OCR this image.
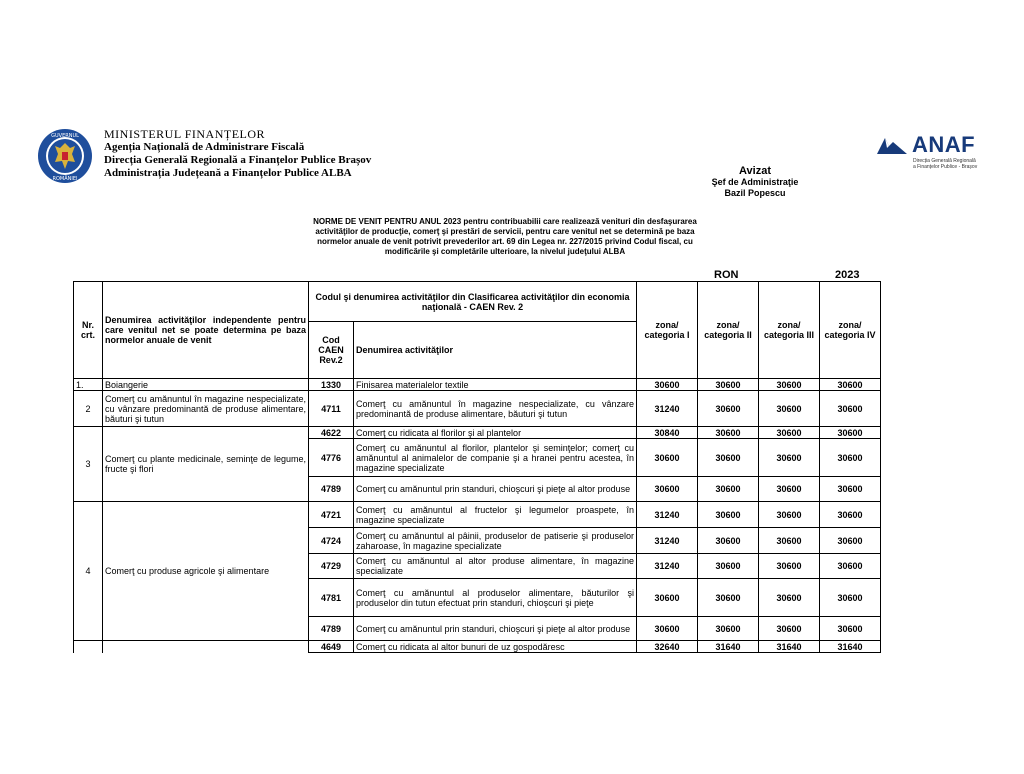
GUVERNUL
ROMÂNIEI
MINISTERUL FINANȚELOR
Agenția Națională de Administrare Fiscală
Direcția Generală Regională a Finanțelor Publice Brașov
Administrația Județeană a Finanțelor Publice ALBA
ANAF
Direcția Generală Regională
a Finanțelor Publice - Brașov
Avizat
Şef de Administraţie
Bazil Popescu
NORME DE VENIT PENTRU ANUL 2023 pentru contribuabilii care realizează venituri din desfaşurarea activităţilor de producţie, comerţ şi prestări de servicii, pentru care venitul net se determină pe baza normelor anuale de venit potrivit prevederilor art. 69 din Legea nr. 227/2015 privind Codul fiscal, cu modificările şi completările ulterioare, la nivelul judeţului ALBA
RON	2023
Nr. crt.	Denumirea activităţilor independente pentru care venitul net se poate determina pe baza normelor anuale de venit	Codul şi denumirea activităţilor din Clasificarea activităţilor din economia naţională - CAEN Rev. 2		zona/ categoria I	zona/ categoria II	zona/ categoria III	zona/ categoria IV
		Cod CAEN Rev.2	Denumirea activităţilor				
1.	Boiangerie	1330	Finisarea materialelor textile	30600	30600	30600	30600
2	Comerţ cu amănuntul în magazine nespecializate, cu vânzare predominantă de produse alimentare, băuturi şi tutun	4711	Comerţ cu amănuntul în magazine nespecializate, cu vânzare predominantă de produse alimentare, băuturi şi tutun	31240	30600	30600	30600
3	Comerţ cu plante medicinale, seminţe de legume, fructe şi flori	4622	Comerţ cu ridicata al florilor şi al plantelor	30840	30600	30600	30600
		4776	Comerţ cu amănuntul al florilor, plantelor şi seminţelor; comerţ cu amănuntul al animalelor de companie şi a hranei pentru acestea, în magazine specializate	30600	30600	30600	30600
		4789	Comerţ cu amănuntul prin standuri, chioşcuri şi pieţe al altor produse	30600	30600	30600	30600
4	Comerţ cu produse agricole şi alimentare	4721	Comerţ cu amănuntul al fructelor şi legumelor proaspete, în magazine specializate	31240	30600	30600	30600
		4724	Comerţ cu amănuntul al pâinii, produselor de patiserie şi produselor zaharoase, în magazine specializate	31240	30600	30600	30600
		4729	Comerţ cu amănuntul al altor produse alimentare, în magazine specializate	31240	30600	30600	30600
		4781	Comerţ cu amănuntul al produselor alimentare, băuturilor şi produselor din tutun efectuat prin standuri, chioşcuri şi pieţe	30600	30600	30600	30600
		4789	Comerţ cu amănuntul prin standuri, chioşcuri şi pieţe al altor produse	30600	30600	30600	30600
		4649	Comerţ cu ridicata al altor bunuri de uz gospodăresc	32640	31640	31640	31640
